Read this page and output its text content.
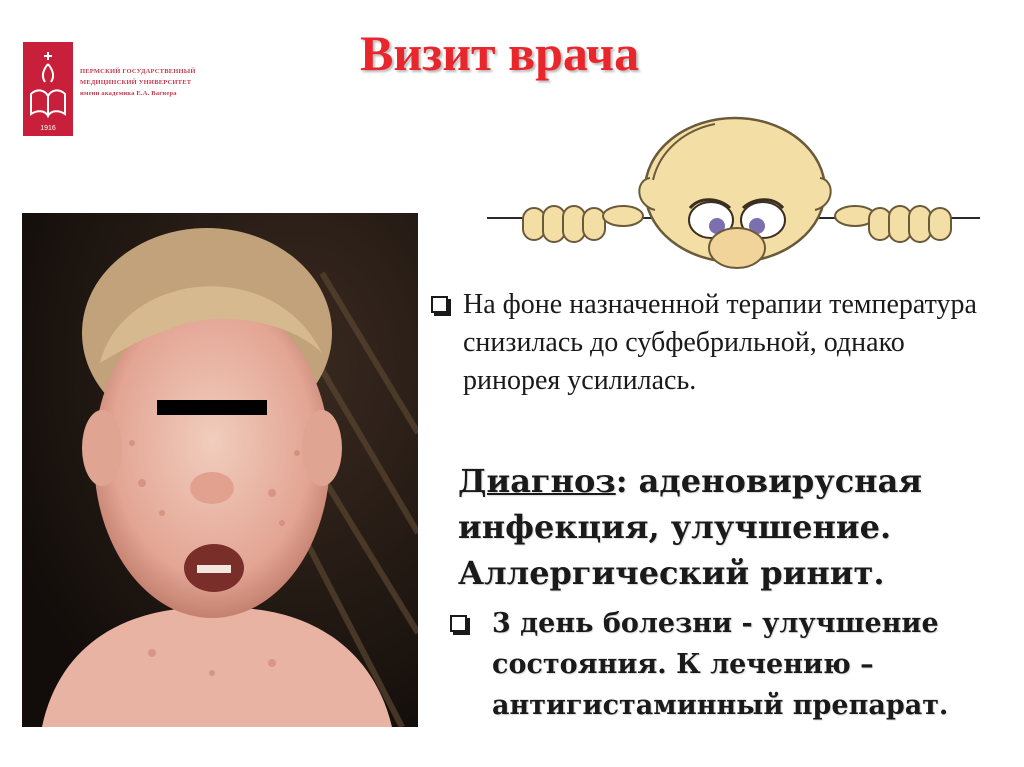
1916
ПЕРМСКИЙ ГОСУДАРСТВЕННЫЙ
МЕДИЦИНСКИЙ УНИВЕРСИТЕТ
имени академика Е.А. Вагнера
Визит врача
На фоне назначенной терапии температура снизилась до субфебрильной, однако ринорея усилилась.
Диагноз: аденовирусная инфекция, улучшение. Аллергический ринит.
3 день болезни - улучшение состояния. К лечению – антигистаминный препарат.
